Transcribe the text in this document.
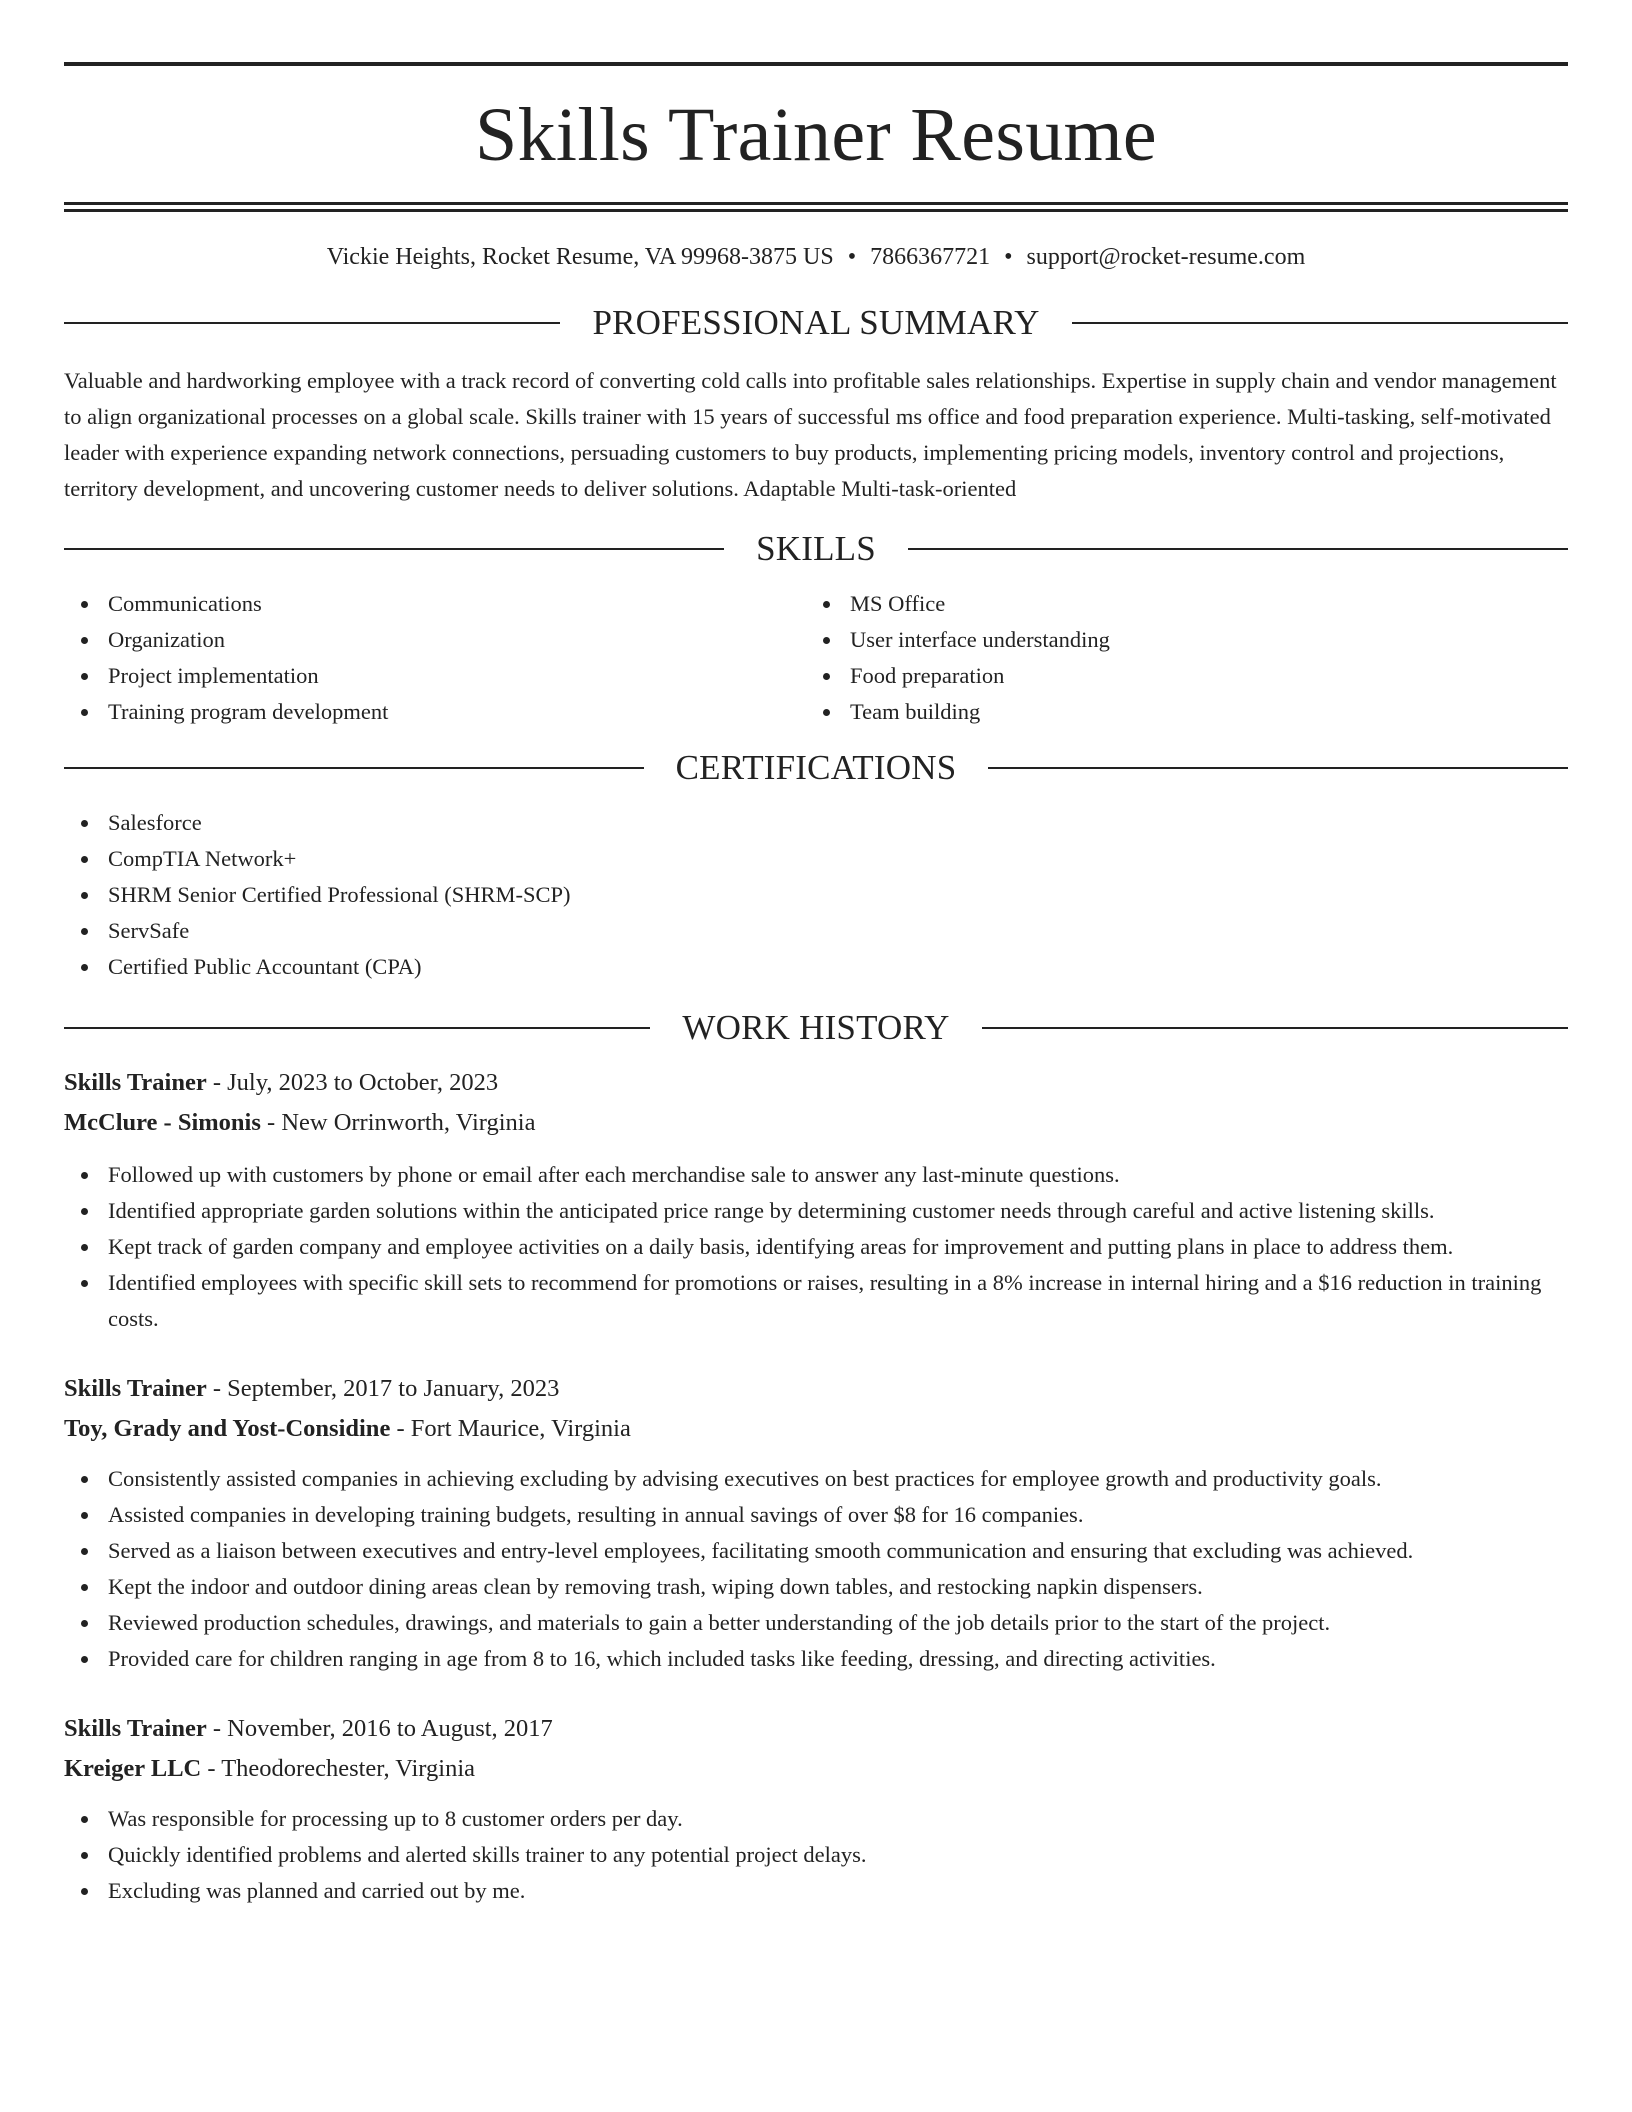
Skills Trainer Resume
Vickie Heights, Rocket Resume, VA 99968-3875 US • 7866367721 • support@rocket-resume.com
PROFESSIONAL SUMMARY

Valuable and hardworking employee with a track record of converting cold calls into profitable sales relationships. Expertise in supply chain and vendor management to align organizational processes on a global scale. Skills trainer with 15 years of successful ms office and food preparation experience. Multi-tasking, self-motivated leader with experience expanding network connections, persuading customers to buy products, implementing pricing models, inventory control and projections, territory development, and uncovering customer needs to deliver solutions. Adaptable Multi-task-oriented

SKILLS
Communications
Organization
Project implementation
Training program development
MS Office
User interface understanding
Food preparation
Team building
CERTIFICATIONS
Salesforce
CompTIA Network+
SHRM Senior Certified Professional (SHRM-SCP)
ServSafe
Certified Public Accountant (CPA)
WORK HISTORY
Skills Trainer - July, 2023 to October, 2023
McClure - Simonis - New Orrinworth, Virginia
Followed up with customers by phone or email after each merchandise sale to answer any last-minute questions.
Identified appropriate garden solutions within the anticipated price range by determining customer needs through careful and active listening skills.
Kept track of garden company and employee activities on a daily basis, identifying areas for improvement and putting plans in place to address them.
Identified employees with specific skill sets to recommend for promotions or raises, resulting in a 8% increase in internal hiring and a $16 reduction in training costs.
Skills Trainer - September, 2017 to January, 2023
Toy, Grady and Yost-Considine - Fort Maurice, Virginia
Consistently assisted companies in achieving excluding by advising executives on best practices for employee growth and productivity goals.
Assisted companies in developing training budgets, resulting in annual savings of over $8 for 16 companies.
Served as a liaison between executives and entry-level employees, facilitating smooth communication and ensuring that excluding was achieved.
Kept the indoor and outdoor dining areas clean by removing trash, wiping down tables, and restocking napkin dispensers.
Reviewed production schedules, drawings, and materials to gain a better understanding of the job details prior to the start of the project.
Provided care for children ranging in age from 8 to 16, which included tasks like feeding, dressing, and directing activities.
Skills Trainer - November, 2016 to August, 2017
Kreiger LLC - Theodorechester, Virginia
Was responsible for processing up to 8 customer orders per day.
Quickly identified problems and alerted skills trainer to any potential project delays.
Excluding was planned and carried out by me.
